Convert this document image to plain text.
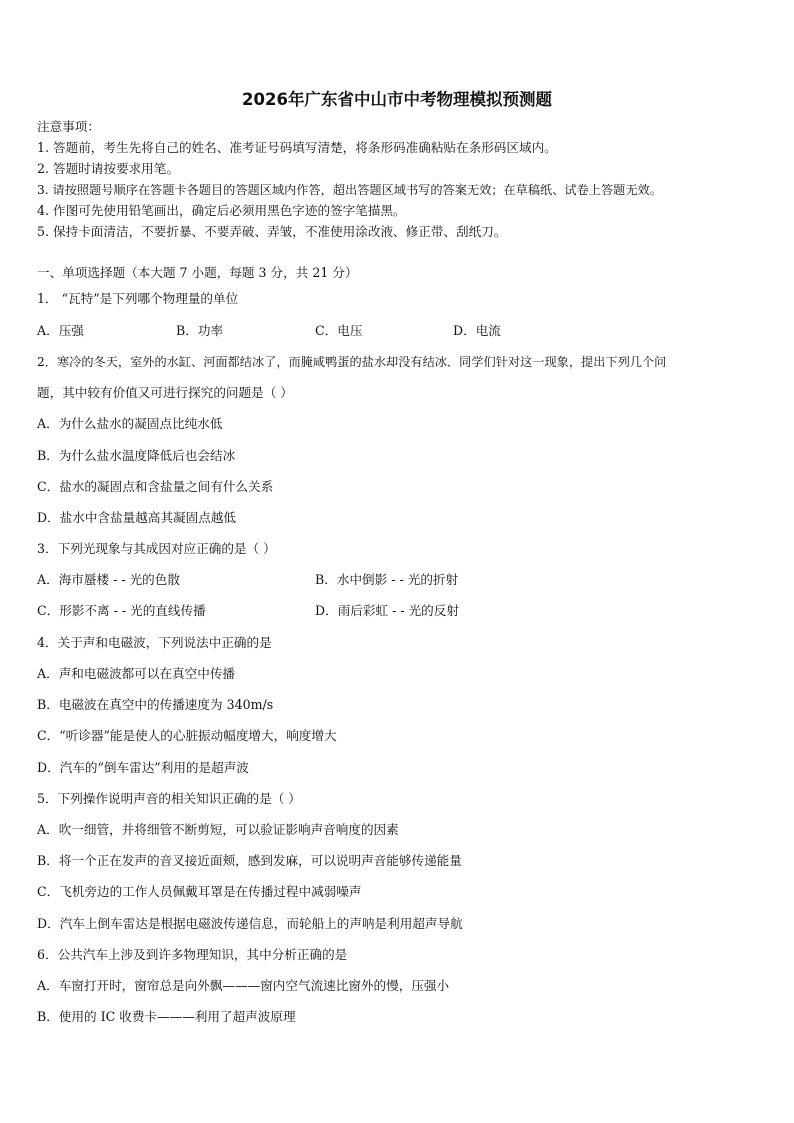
2026年广东省中山市中考物理模拟预测题
注意事项：
1. 答题前，考生先将自己的姓名、准考证号码填写清楚，将条形码准确粘贴在条形码区域内。
2. 答题时请按要求用笔。
3. 请按照题号顺序在答题卡各题目的答题区域内作答，超出答题区域书写的答案无效；在草稿纸、试卷上答题无效。
4. 作图可先使用铅笔画出，确定后必须用黑色字迹的签字笔描黑。
5. 保持卡面清洁，不要折暴、不要弄破、弄皱，不准使用涂改液、修正带、刮纸刀。
一、单项选择题（本大题 7 小题，每题 3 分，共 21 分）
1． “瓦特”是下列哪个物理量的单位
A．压强	B．功率	C．电压	D．电流
2．寒冷的冬天，室外的水缸、河面都结冰了，而腌咸鸭蛋的盐水却没有结冰．同学们针对这一现象，提出下列几个问
题，其中较有价值又可进行探究的问题是（ ）
A．为什么盐水的凝固点比纯水低
B．为什么盐水温度降低后也会结冰
C．盐水的凝固点和含盐量之间有什么关系
D．盐水中含盐量越高其凝固点越低
3．下列光现象与其成因对应正确的是（ ）
A．海市蜃楼 - - 光的色散	B．水中倒影 - - 光的折射
C．形影不离 - - 光的直线传播	D．雨后彩虹 - - 光的反射
4．关于声和电磁波，下列说法中正确的是
A．声和电磁波都可以在真空中传播
B．电磁波在真空中的传播速度为 340m/s
C．“听诊器”能是使人的心脏振动幅度增大，响度增大
D．汽车的“倒车雷达”利用的是超声波
5．下列操作说明声音的相关知识正确的是（ ）
A．吹一细管，并将细管不断剪短，可以验证影响声音响度的因素
B．将一个正在发声的音叉接近面颊，感到发麻，可以说明声音能够传递能量
C．飞机旁边的工作人员佩戴耳罩是在传播过程中减弱噪声
D．汽车上倒车雷达是根据电磁波传递信息，而轮船上的声呐是利用超声导航
6．公共汽车上涉及到许多物理知识，其中分析正确的是
A．车窗打开时，窗帘总是向外飘———窗内空气流速比窗外的慢，压强小
B．使用的 IC 收费卡———利用了超声波原理
